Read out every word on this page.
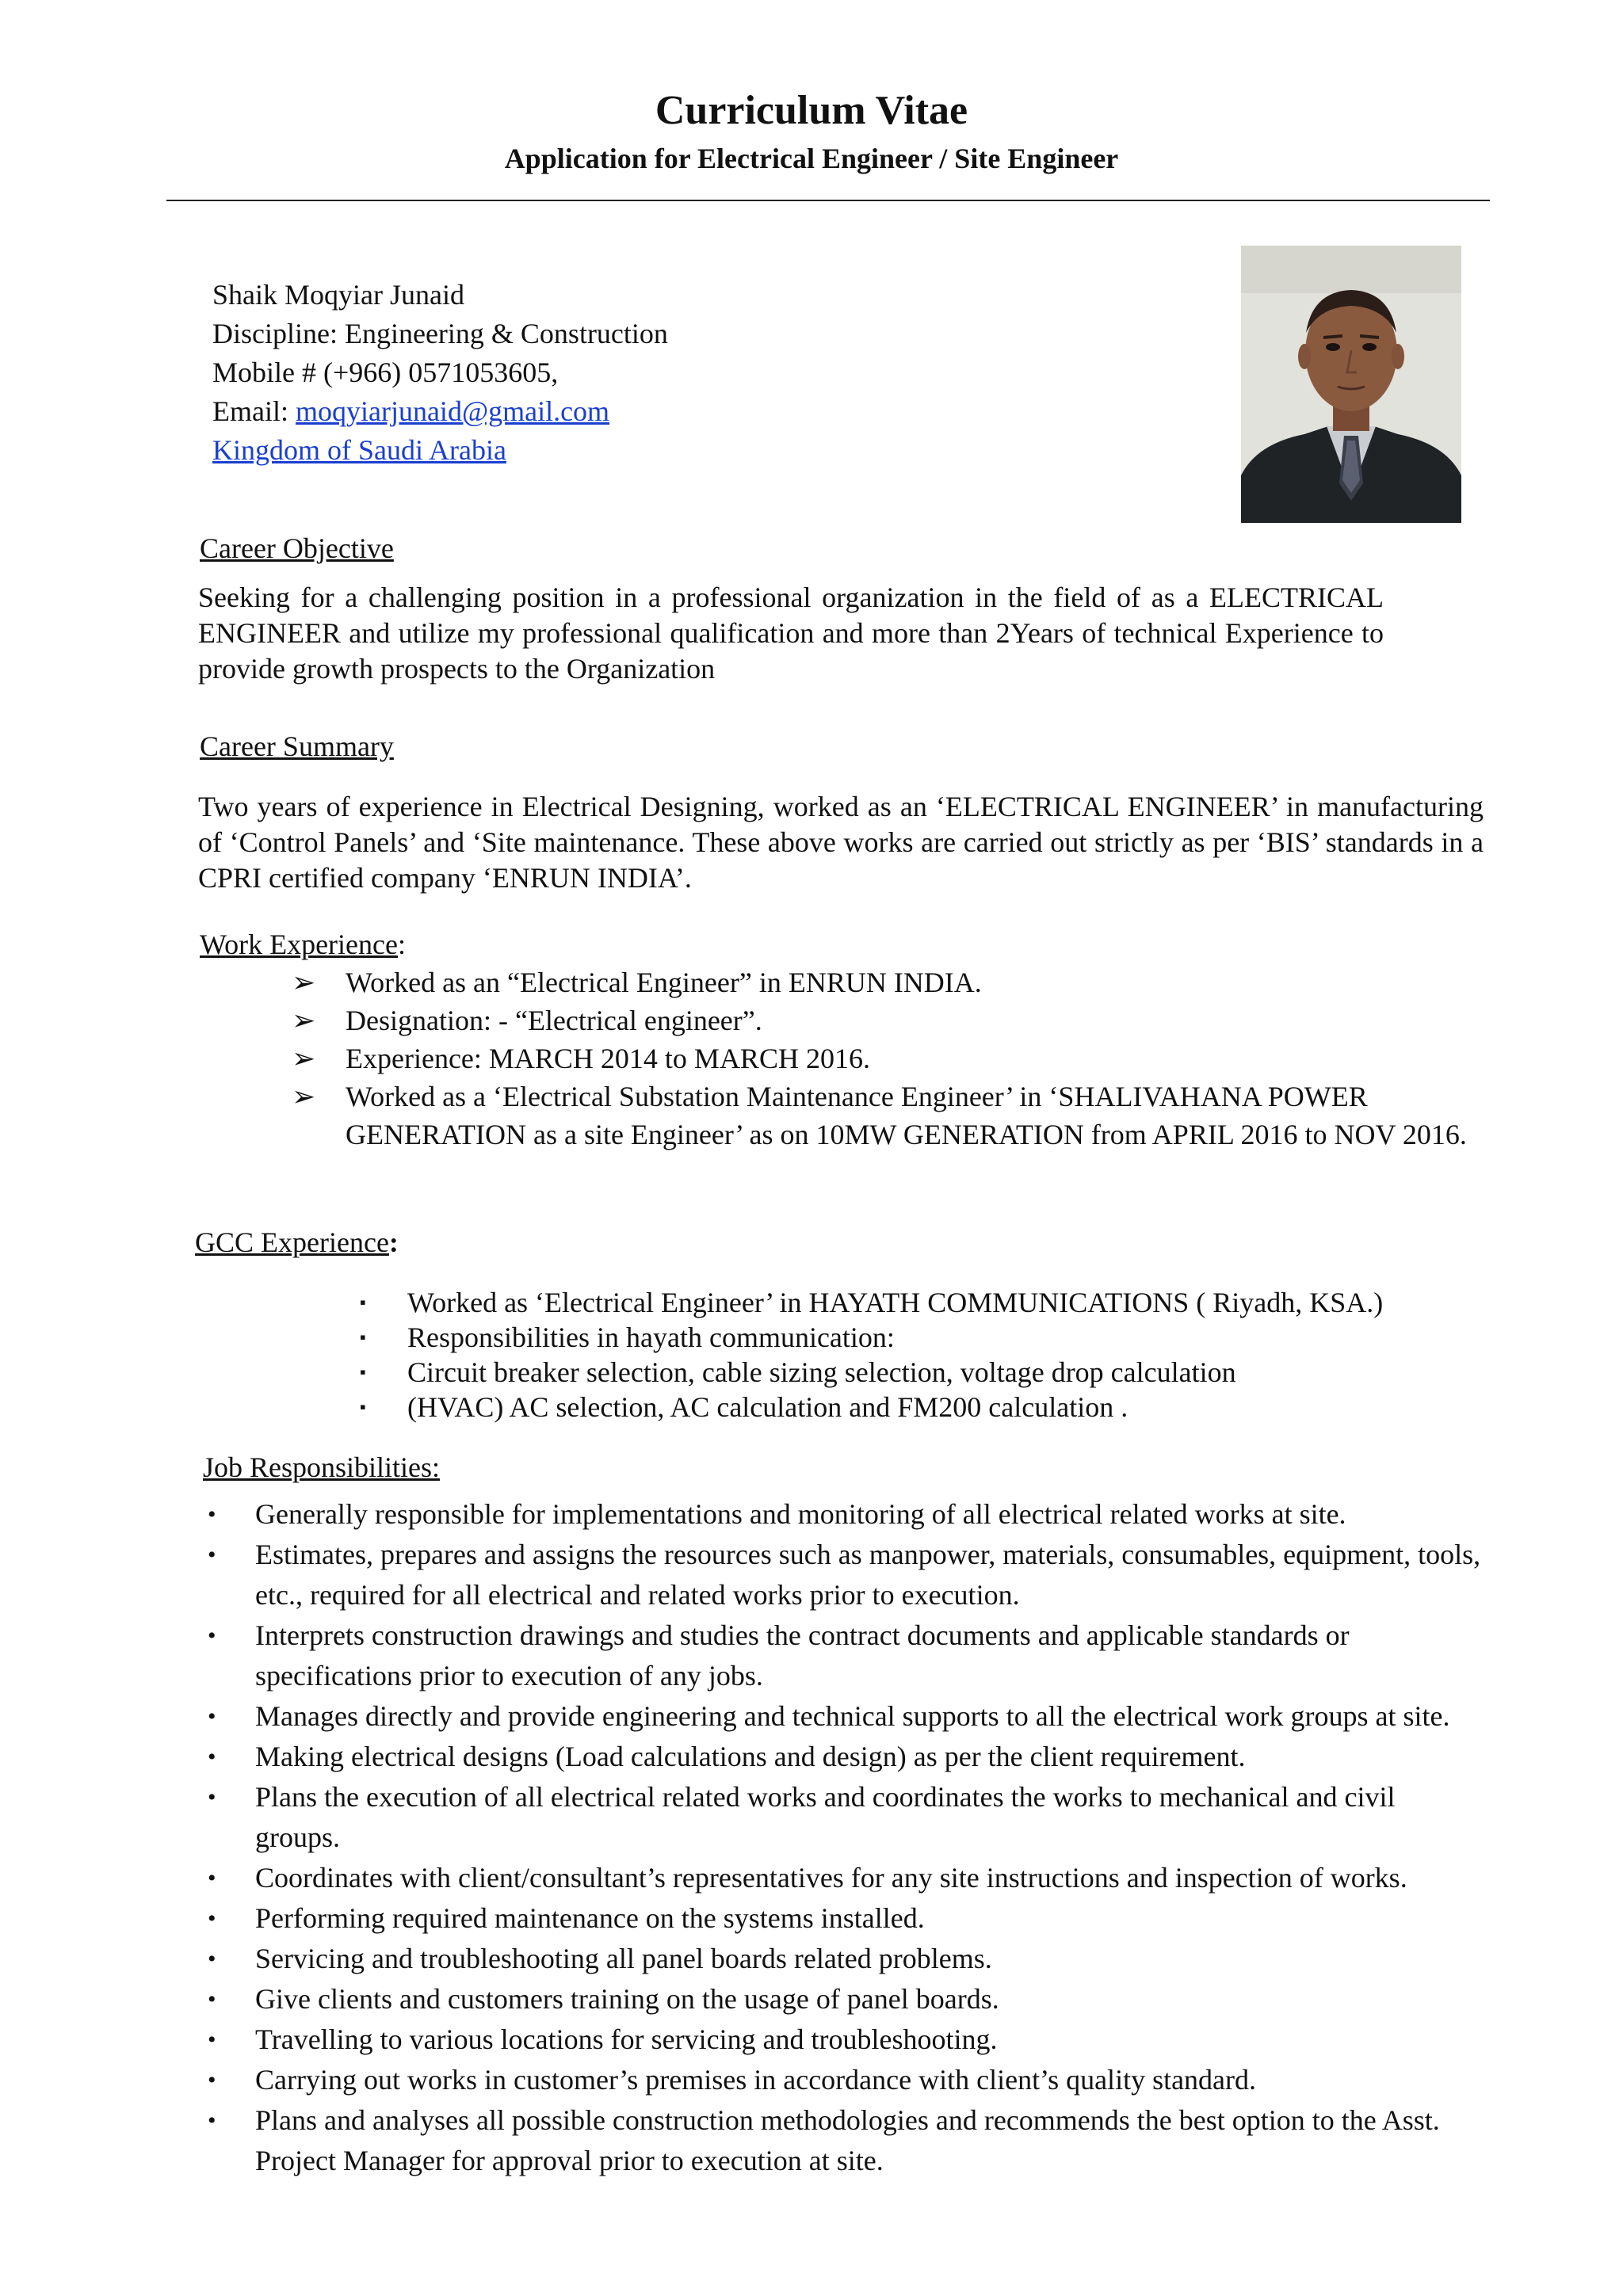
Curriculum Vitae
Application for Electrical Engineer / Site Engineer
Shaik Moqyiar Junaid
Discipline: Engineering & Construction
Mobile # (+966) 0571053605,
Email: moqyiarjunaid@gmail.com
Kingdom of Saudi Arabia
Career Objective
Seeking for a challenging position in a professional organization in the field of as a ELECTRICAL ENGINEER and utilize my professional qualification and more than 2Years of technical Experience to provide growth prospects to the Organization
Career Summary
Two years of experience in Electrical Designing, worked as an ‘ELECTRICAL ENGINEER’ in manufacturing of ‘Control Panels’ and ‘Site maintenance. These above works are carried out strictly as per ‘BIS’ standards in a CPRI certified company ‘ENRUN INDIA’.
Work Experience:
➢ Worked as an “Electrical Engineer” in ENRUN INDIA.
➢ Designation: - “Electrical engineer”.
➢ Experience: MARCH 2014 to MARCH 2016.
➢ Worked as a ‘Electrical Substation Maintenance Engineer’ in ‘SHALIVAHANA POWER GENERATION as a site Engineer’ as on 10MW GENERATION from APRIL 2016 to NOV 2016.
GCC Experience:
▪ Worked as ‘Electrical Engineer’ in HAYATH COMMUNICATIONS ( Riyadh, KSA.)
▪ Responsibilities in hayath communication:
▪ Circuit breaker selection, cable sizing selection, voltage drop calculation
▪ (HVAC) AC selection, AC calculation and FM200 calculation .
Job Responsibilities:
• Generally responsible for implementations and monitoring of all electrical related works at site.
• Estimates, prepares and assigns the resources such as manpower, materials, consumables, equipment, tools, etc., required for all electrical and related works prior to execution.
• Interprets construction drawings and studies the contract documents and applicable standards or specifications prior to execution of any jobs.
• Manages directly and provide engineering and technical supports to all the electrical work groups at site.
• Making electrical designs (Load calculations and design) as per the client requirement.
• Plans the execution of all electrical related works and coordinates the works to mechanical and civil groups.
• Coordinates with client/consultant’s representatives for any site instructions and inspection of works.
• Performing required maintenance on the systems installed.
• Servicing and troubleshooting all panel boards related problems.
• Give clients and customers training on the usage of panel boards.
• Travelling to various locations for servicing and troubleshooting.
• Carrying out works in customer’s premises in accordance with client’s quality standard.
• Plans and analyses all possible construction methodologies and recommends the best option to the Asst. Project Manager for approval prior to execution at site.
